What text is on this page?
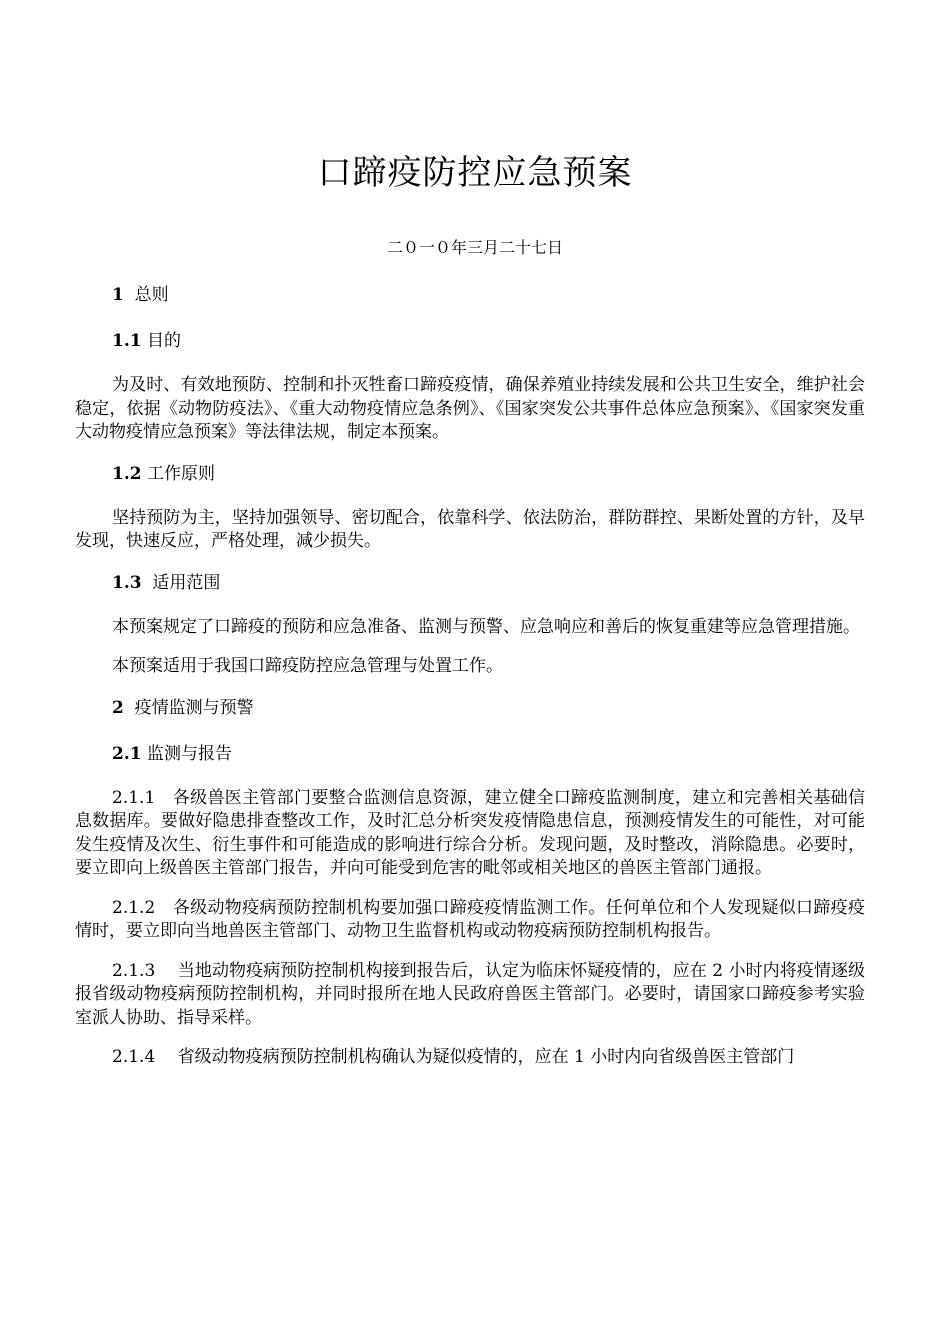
口蹄疫防控应急预案
二０一０年三月二十七日
1  总则
1.1 目的

为及时、有效地预防、控制和扑灭牲畜口蹄疫疫情，确保养殖业持续发展和公共卫生安全，维护社会稳定，依据《动物防疫法》、《重大动物疫情应急条例》、《国家突发公共事件总体应急预案》、《国家突发重大动物疫情应急预案》等法律法规，制定本预案。

1.2 工作原则

坚持预防为主，坚持加强领导、密切配合，依靠科学、依法防治，群防群控、果断处置的方针，及早发现，快速反应，严格处理，减少损失。

1.3  适用范围

本预案规定了口蹄疫的预防和应急准备、监测与预警、应急响应和善后的恢复重建等应急管理措施。

本预案适用于我国口蹄疫防控应急管理与处置工作。

2  疫情监测与预警
2.1 监测与报告

2.1.1　各级兽医主管部门要整合监测信息资源，建立健全口蹄疫监测制度，建立和完善相关基础信息数据库。要做好隐患排查整改工作，及时汇总分析突发疫情隐患信息，预测疫情发生的可能性，对可能发生疫情及次生、衍生事件和可能造成的影响进行综合分析。发现问题，及时整改，消除隐患。必要时，要立即向上级兽医主管部门报告，并向可能受到危害的毗邻或相关地区的兽医主管部门通报。

2.1.2　各级动物疫病预防控制机构要加强口蹄疫疫情监测工作。任何单位和个人发现疑似口蹄疫疫情时，要立即向当地兽医主管部门、动物卫生监督机构或动物疫病预防控制机构报告。

2.1.3　 当地动物疫病预防控制机构接到报告后，认定为临床怀疑疫情的，应在 2 小时内将疫情逐级报省级动物疫病预防控制机构，并同时报所在地人民政府兽医主管部门。必要时，请国家口蹄疫参考实验室派人协助、指导采样。

2.1.4　 省级动物疫病预防控制机构确认为疑似疫情的，应在 1 小时内向省级兽医主管部门
